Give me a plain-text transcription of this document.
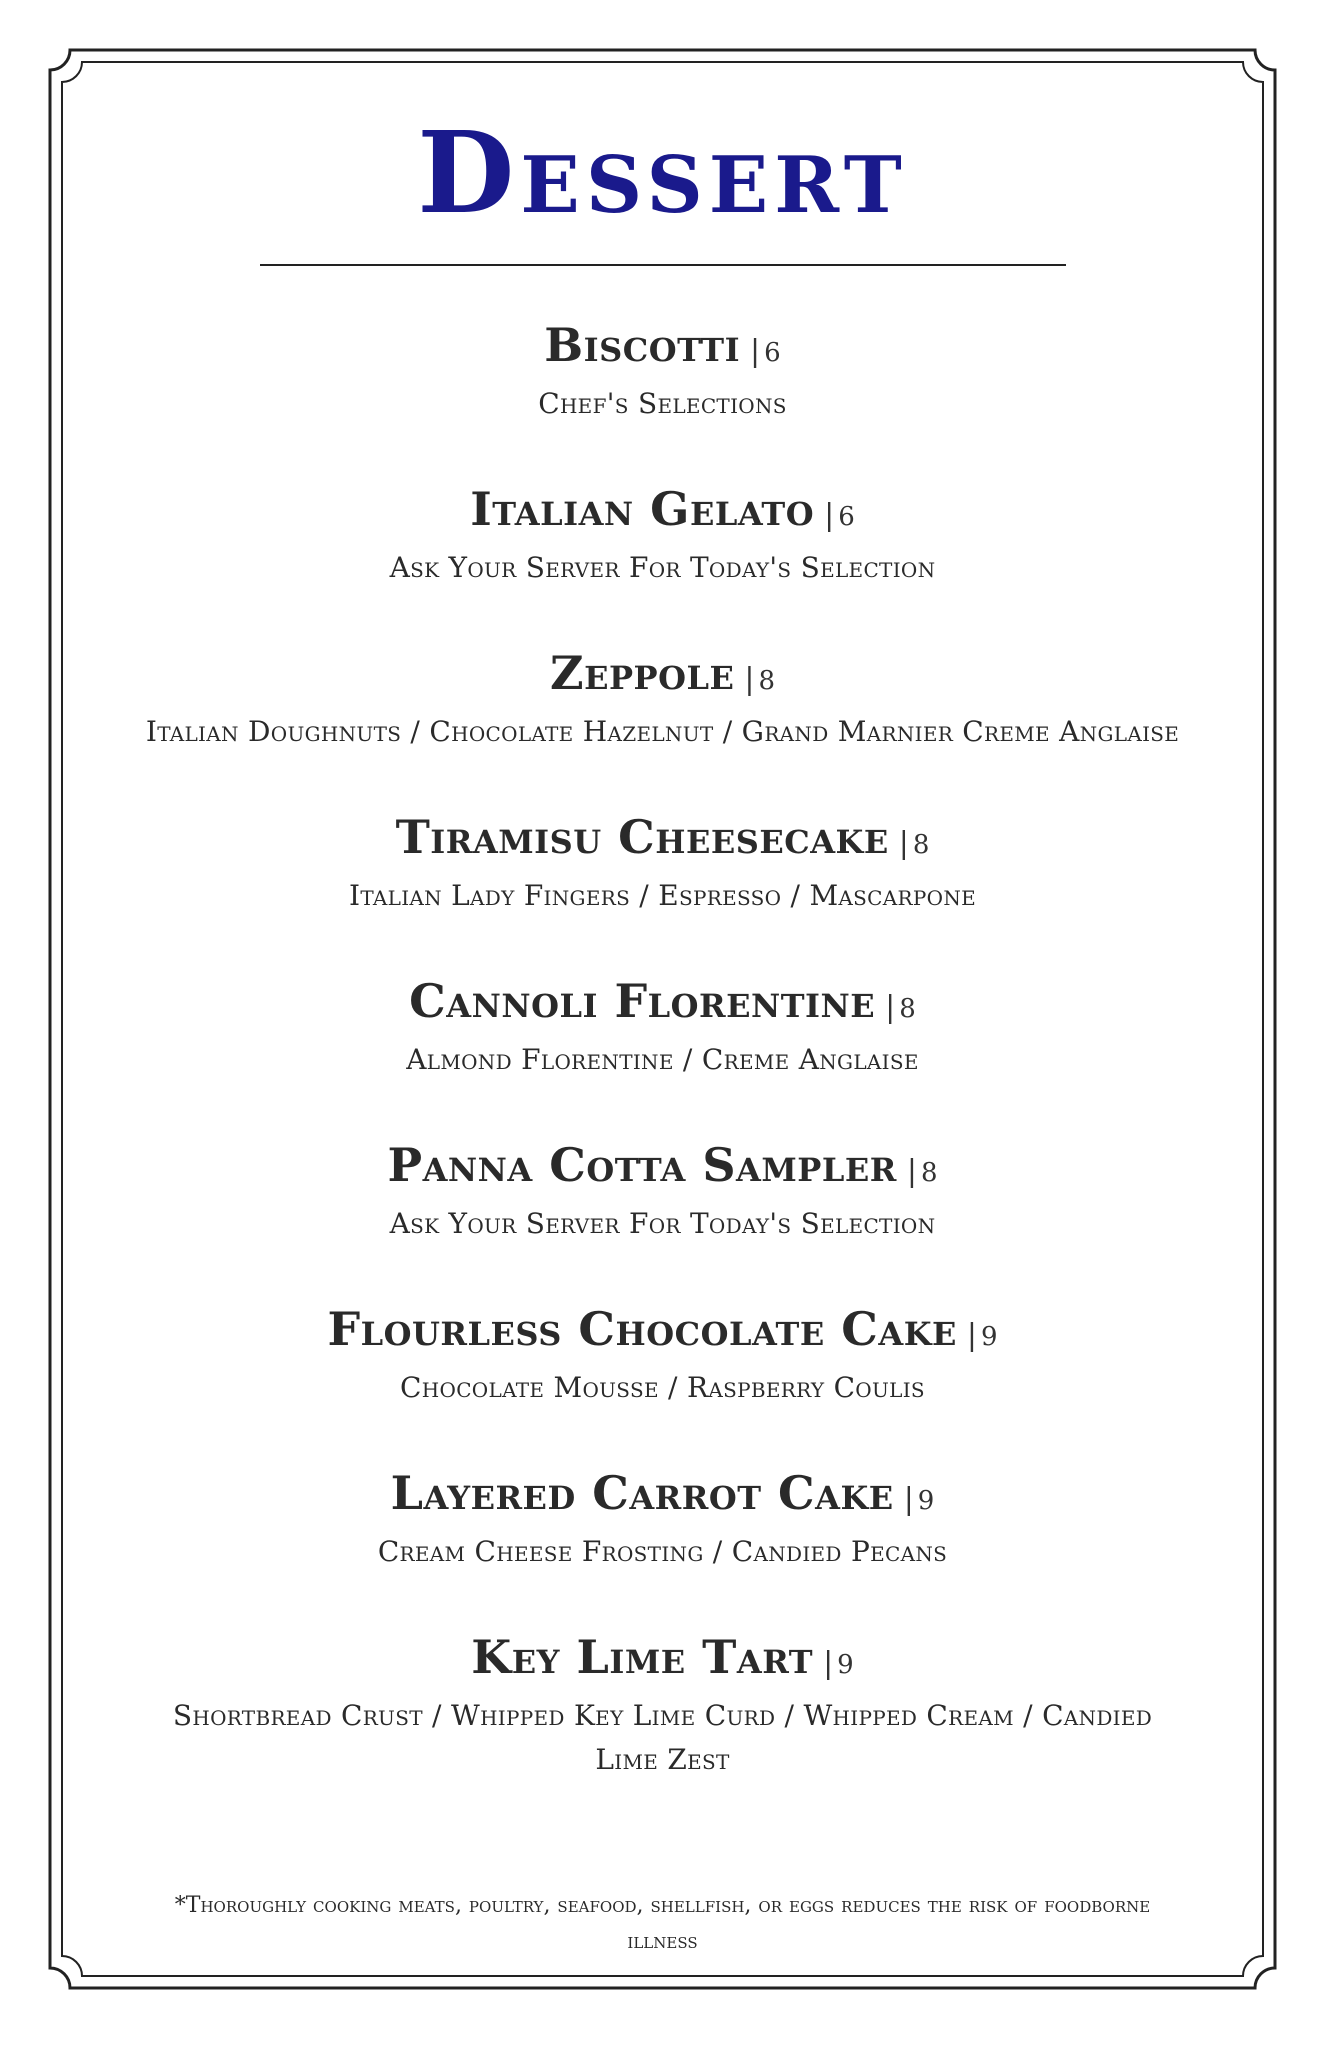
Dessert
Biscotti | 6
Chef's Selections
Italian Gelato | 6
Ask Your Server For Today's Selection
Zeppole | 8
Italian Doughnuts / Chocolate Hazelnut / Grand Marnier Creme Anglaise
Tiramisu Cheesecake | 8
Italian Lady Fingers / Espresso / Mascarpone
Cannoli Florentine | 8
Almond Florentine / Creme Anglaise
Panna Cotta Sampler | 8
Ask Your Server For Today's Selection
Flourless Chocolate Cake | 9
Chocolate Mousse / Raspberry Coulis
Layered Carrot Cake | 9
Cream Cheese Frosting / Candied Pecans
Key Lime Tart | 9
Shortbread Crust / Whipped Key Lime Curd / Whipped Cream / Candied Lime Zest
*Thoroughly cooking meats, poultry, seafood, shellfish, or eggs reduces the risk of foodborne illness
